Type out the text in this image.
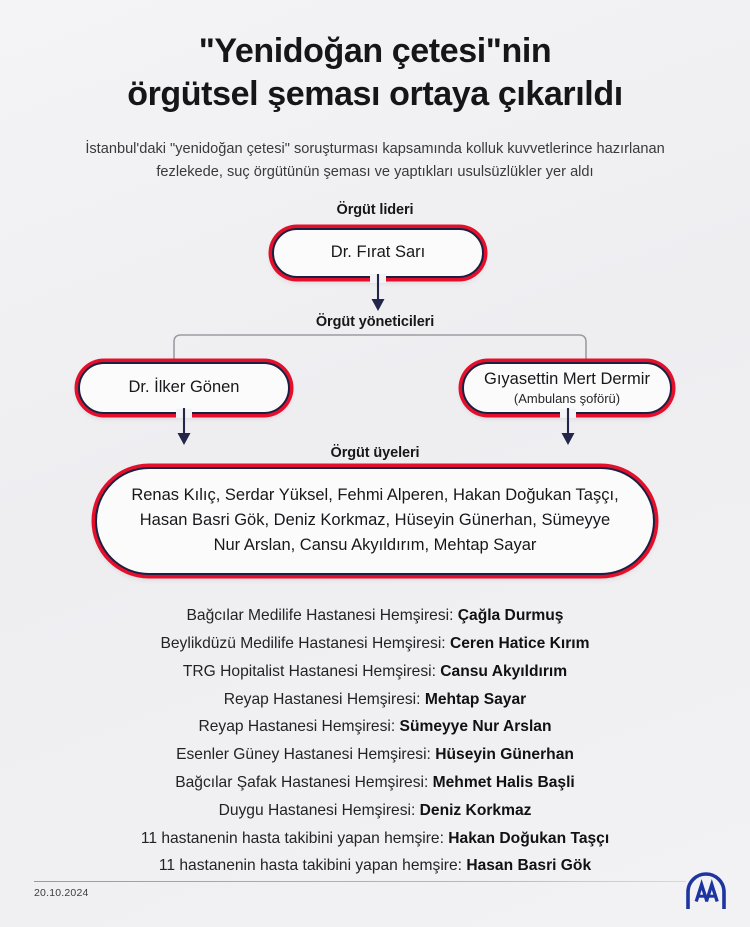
"Yenidoğan çetesi"nin
örgütsel şeması ortaya çıkarıldı
İstanbul'daki "yenidoğan çetesi" soruşturması kapsamında kolluk kuvvetlerince hazırlanan fezlekede, suç örgütünün şeması ve yaptıkları usulsüzlükler yer aldı
Örgüt lideri
Dr. Fırat Sarı
Örgüt yöneticileri
Dr. İlker Gönen	Gıyasettin Mert Dermir
(Ambulans şoförü)
Örgüt üyeleri
Renas Kılıç, Serdar Yüksel, Fehmi Alperen, Hakan Doğukan Taşçı,
Hasan Basri Gök, Deniz Korkmaz, Hüseyin Günerhan, Sümeyye
Nur Arslan, Cansu Akyıldırım, Mehtap Sayar
Bağcılar Medilife Hastanesi Hemşiresi: Çağla Durmuş
Beylikdüzü Medilife Hastanesi Hemşiresi: Ceren Hatice Kırım
TRG Hopitalist Hastanesi Hemşiresi: Cansu Akyıldırım
Reyap Hastanesi Hemşiresi: Mehtap Sayar
Reyap Hastanesi Hemşiresi: Sümeyye Nur Arslan
Esenler Güney Hastanesi Hemşiresi: Hüseyin Günerhan
Bağcılar Şafak Hastanesi Hemşiresi: Mehmet Halis Başli
Duygu Hastanesi Hemşiresi: Deniz Korkmaz
11 hastanenin hasta takibini yapan hemşire: Hakan Doğukan Taşçı
11 hastanenin hasta takibini yapan hemşire: Hasan Basri Gök
20.10.2024
